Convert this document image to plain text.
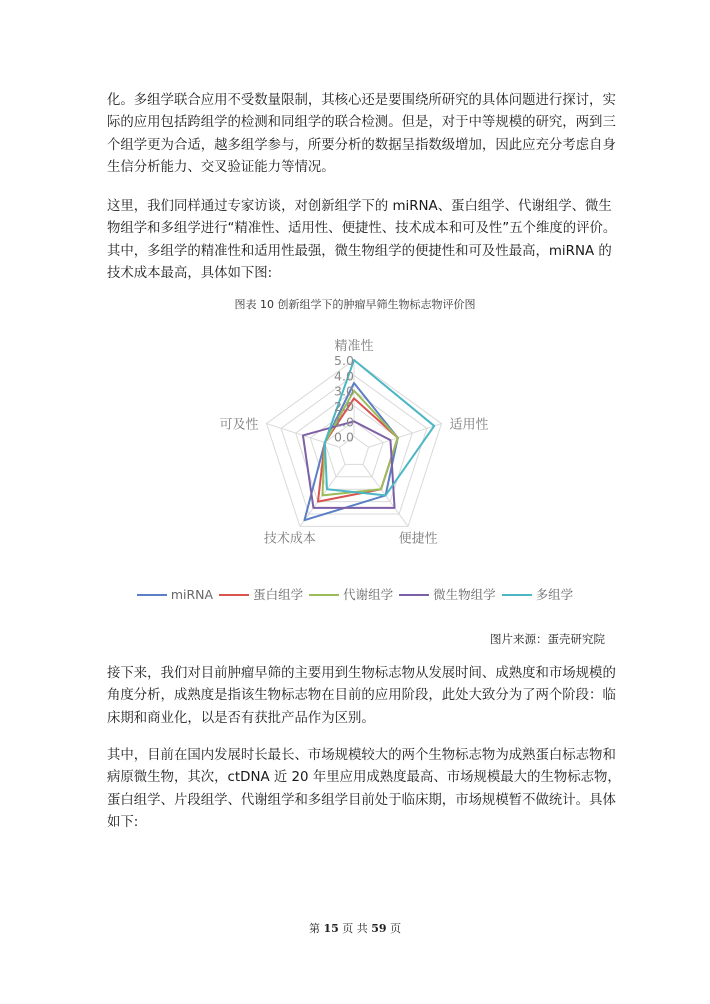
化。多组学联合应用不受数量限制，其核心还是要围绕所研究的具体问题进行探讨，实
际的应用包括跨组学的检测和同组学的联合检测。但是，对于中等规模的研究，两到三
个组学更为合适，越多组学参与，所要分析的数据呈指数级增加，因此应充分考虑自身
生信分析能力、交叉验证能力等情况。
这里，我们同样通过专家访谈，对创新组学下的 miRNA、蛋白组学、代谢组学、微生
物组学和多组学进行“精准性、适用性、便捷性、技术成本和可及性”五个维度的评价。
其中，多组学的精准性和适用性最强，微生物组学的便捷性和可及性最高，miRNA 的
技术成本最高，具体如下图:
图表 10 创新组学下的肿瘤早筛生物标志物评价图
0.0
1.0
2.0
3.0
4.0
5.0
精准性
适用性
便捷性
技术成本
可及性
miRNA	蛋白组学	代谢组学	微生物组学	多组学
图片来源：蛋壳研究院
接下来，我们对目前肿瘤早筛的主要用到生物标志物从发展时间、成熟度和市场规模的
角度分析，成熟度是指该生物标志物在目前的应用阶段，此处大致分为了两个阶段：临
床期和商业化，以是否有获批产品作为区别。
其中，目前在国内发展时长最长、市场规模较大的两个生物标志物为成熟蛋白标志物和
病原微生物，其次，ctDNA 近 20 年里应用成熟度最高、市场规模最大的生物标志物，
蛋白组学、片段组学、代谢组学和多组学目前处于临床期，市场规模暂不做统计。具体
如下:
第 15 页 共 59 页
